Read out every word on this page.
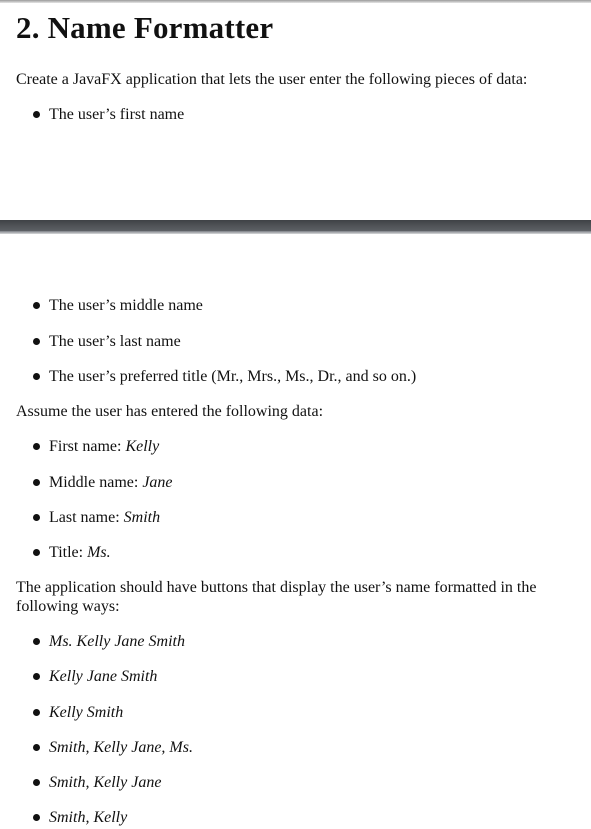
2. Name Formatter

Create a JavaFX application that lets the user enter the following pieces of data:

The user’s first name
The user’s middle name
The user’s last name
The user’s preferred title (Mr., Mrs., Ms., Dr., and so on.)

Assume the user has entered the following data:

First name: Kelly
Middle name: Jane
Last name: Smith
Title: Ms.

The application should have buttons that display the user’s name formatted in the following ways:

Ms. Kelly Jane Smith
Kelly Jane Smith
Kelly Smith
Smith, Kelly Jane, Ms.
Smith, Kelly Jane
Smith, Kelly
